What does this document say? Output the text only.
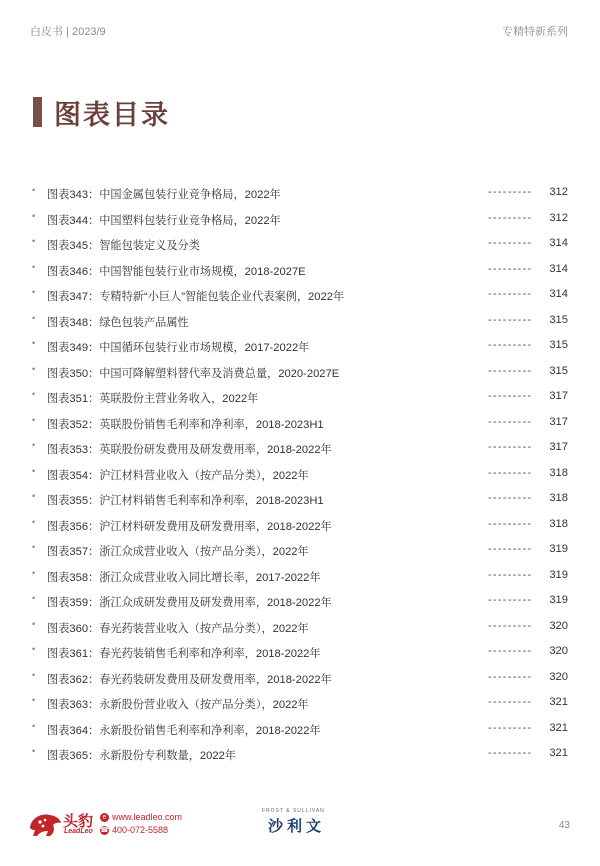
白皮书 | 2023/9	专精特新系列
图表目录
• 图表343：中国金属包装行业竞争格局，2022年	--------- 312
• 图表344：中国塑料包装行业竞争格局，2022年	--------- 312
• 图表345：智能包装定义及分类	--------- 314
• 图表346：中国智能包装行业市场规模，2018-2027E	--------- 314
• 图表347：专精特新“小巨人”智能包装企业代表案例，2022年	--------- 314
• 图表348：绿色包装产品属性	--------- 315
• 图表349：中国循环包装行业市场规模，2017-2022年	--------- 315
• 图表350：中国可降解塑料替代率及消费总量，2020-2027E	--------- 315
• 图表351：英联股份主营业务收入，2022年	--------- 317
• 图表352：英联股份销售毛利率和净利率，2018-2023H1	--------- 317
• 图表353：英联股份研发费用及研发费用率，2018-2022年	--------- 317
• 图表354：沪江材料营业收入（按产品分类），2022年	--------- 318
• 图表355：沪江材料销售毛利率和净利率，2018-2023H1	--------- 318
• 图表356：沪江材料研发费用及研发费用率，2018-2022年	--------- 318
• 图表357：浙江众成营业收入（按产品分类），2022年	--------- 319
• 图表358：浙江众成营业收入同比增长率，2017-2022年	--------- 319
• 图表359：浙江众成研发费用及研发费用率，2018-2022年	--------- 319
• 图表360：春光药装营业收入（按产品分类），2022年	--------- 320
• 图表361：春光药装销售毛利率和净利率，2018-2022年	--------- 320
• 图表362：春光药装研发费用及研发费用率，2018-2022年	--------- 320
• 图表363：永新股份营业收入（按产品分类），2022年	--------- 321
• 图表364：永新股份销售毛利率和净利率，2018-2022年	--------- 321
• 图表365：永新股份专利数量，2022年	--------- 321
头豹
LeadLeo
e www.leadleo.com
☎ 400-072-5588
FROST & SULLIVAN
沙利文	43
